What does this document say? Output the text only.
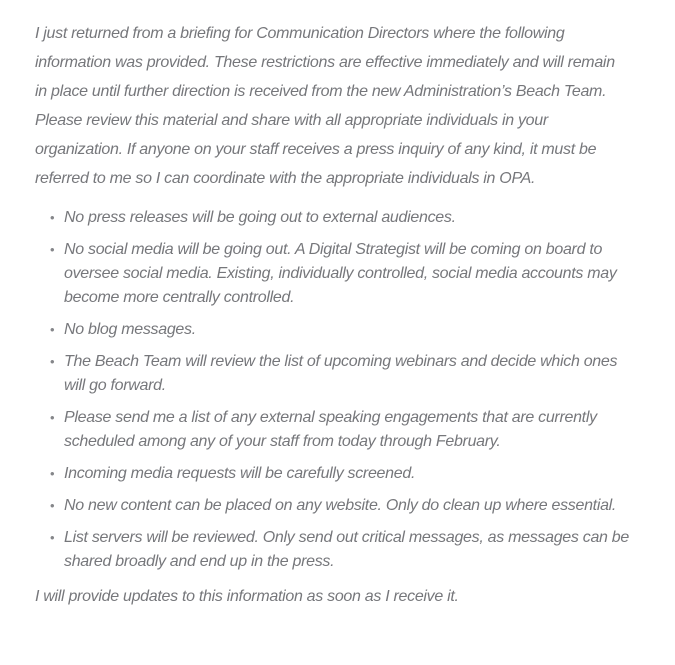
I just returned from a briefing for Communication Directors where the following information was provided. These restrictions are effective immediately and will remain in place until further direction is received from the new Administration’s Beach Team. Please review this material and share with all appropriate individuals in your organization. If anyone on your staff receives a press inquiry of any kind, it must be referred to me so I can coordinate with the appropriate individuals in OPA.

• No press releases will be going out to external audiences.
• No social media will be going out. A Digital Strategist will be coming on board to oversee social media. Existing, individually controlled, social media accounts may become more centrally controlled.
• No blog messages.
• The Beach Team will review the list of upcoming webinars and decide which ones will go forward.
• Please send me a list of any external speaking engagements that are currently scheduled among any of your staff from today through February.
• Incoming media requests will be carefully screened.
• No new content can be placed on any website. Only do clean up where essential.
• List servers will be reviewed. Only send out critical messages, as messages can be shared broadly and end up in the press.

I will provide updates to this information as soon as I receive it.
